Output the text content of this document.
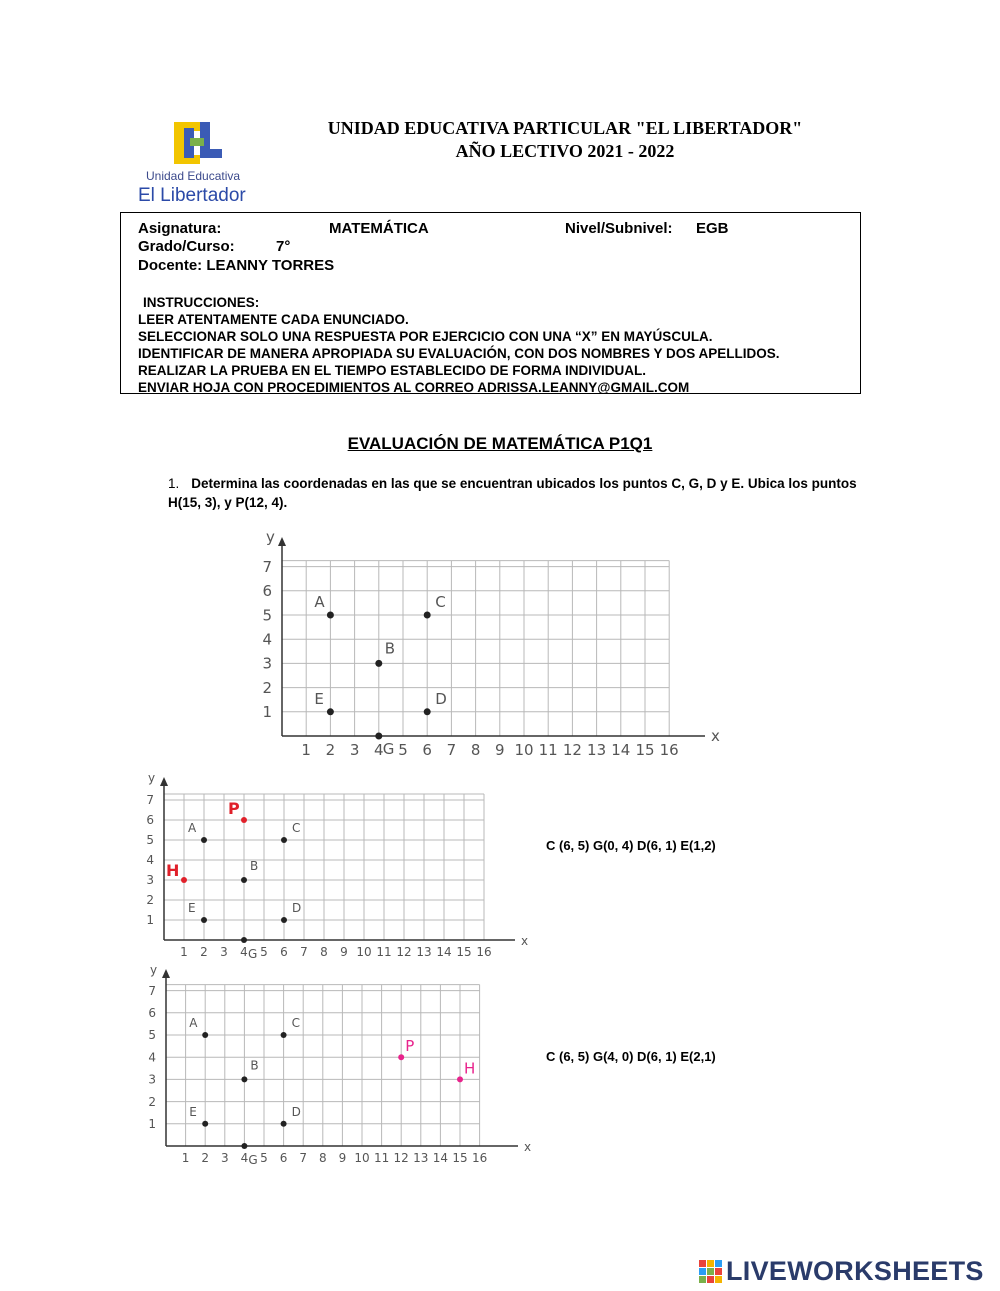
Unidad Educativa
El Libertador
UNIDAD EDUCATIVA PARTICULAR "EL LIBERTADOR"
AÑO LECTIVO 2021 - 2022
Asignatura:	MATEMÁTICA	Nivel/Subnivel: EGB
Grado/Curso:	7°
Docente: LEANNY TORRES
INSTRUCCIONES:
LEER ATENTAMENTE CADA ENUNCIADO.
SELECCIONAR SOLO UNA RESPUESTA POR EJERCICIO CON UNA “X” EN MAYÚSCULA.
IDENTIFICAR DE MANERA APROPIADA SU EVALUACIÓN, CON DOS NOMBRES Y DOS APELLIDOS.
REALIZAR LA PRUEBA EN EL TIEMPO ESTABLECIDO DE FORMA INDIVIDUAL.
ENVIAR HOJA CON PROCEDIMIENTOS AL CORREO ADRISSA.LEANNY@GMAIL.COM
EVALUACIÓN DE MATEMÁTICA P1Q1
1. Determina las coordenadas en las que se encuentran ubicados los puntos C, G, D y E. Ubica los puntos H(15, 3), y P(12, 4).
x
y
1 2 3 4 5 6 7 8 9 10 11 12 13 14 15 16
1
2
3
4
5
6
7
A
B
C
D
E
G
x
y
1 2 3 4 5 6 7 8 9 10 11 12 13 14 15 16
1
2
3
4
5
6
7
A
B
C
D
E
G
P
H
x
y
1 2 3 4 5 6 7 8 9 10 11 12 13 14 15 16
1
2
3
4
5
6
7
A
B
C
D
E
G
P
H
C (6, 5) G(0, 4) D(6, 1) E(1,2)
C (6, 5) G(4, 0) D(6, 1) E(2,1)
LIVEWORKSHEETS
